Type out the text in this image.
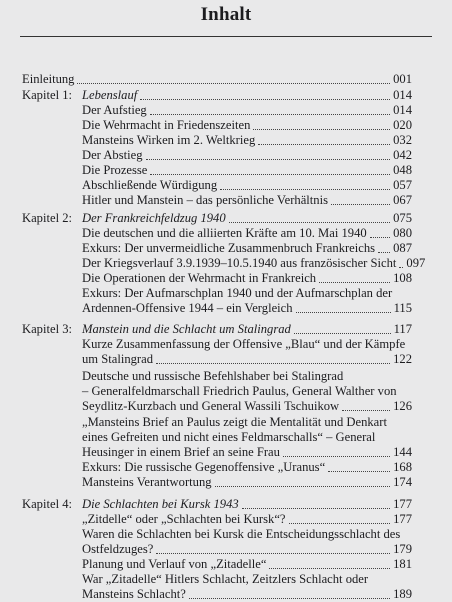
Inhalt
Einleitung	001
Kapitel 1: Lebenslauf	014
Der Aufstieg	014
Die Wehrmacht in Friedenszeiten	020
Mansteins Wirken im 2. Weltkrieg	032
Der Abstieg	042
Die Prozesse	048
Abschließende Würdigung	057
Hitler und Manstein – das persönliche Verhältnis	067
Kapitel 2: Der Frankreichfeldzug 1940	075
Die deutschen und die alliierten Kräfte am 10. Mai 1940 080
Exkurs: Der unvermeidliche Zusammenbruch Frankreichs 087
Der Kriegsverlauf 3.9.1939–10.5.1940 aus französischer Sicht 097
Die Operationen der Wehrmacht in Frankreich	108
Exkurs: Der Aufmarschplan 1940 und der Aufmarschplan der
Ardennen-Offensive 1944 – ein Vergleich	115
Kapitel 3: Manstein und die Schlacht um Stalingrad	117
Kurze Zusammenfassung der Offensive „Blau“ und der Kämpfe
um Stalingrad	122
Deutsche und russische Befehlshaber bei Stalingrad
– Generalfeldmarschall Friedrich Paulus, General Walther von
Seydlitz-Kurzbach und General Wassili Tschuikow	126
„Mansteins Brief an Paulus zeigt die Mentalität und Denkart
eines Gefreiten und nicht eines Feldmarschalls“ – General
Heusinger in einem Brief an seine Frau	144
Exkurs: Die russische Gegenoffensive „Uranus“	168
Mansteins Verantwortung	174
Kapitel 4: Die Schlachten bei Kursk 1943	177
„Zitdelle“ oder „Schlachten bei Kursk“?	177
Waren die Schlachten bei Kursk die Entscheidungsschlacht des
Ostfeldzuges?	179
Planung und Verlauf von „Zitadelle“	181
War „Zitadelle“ Hitlers Schlacht, Zeitzlers Schlacht oder
Mansteins Schlacht?	189
